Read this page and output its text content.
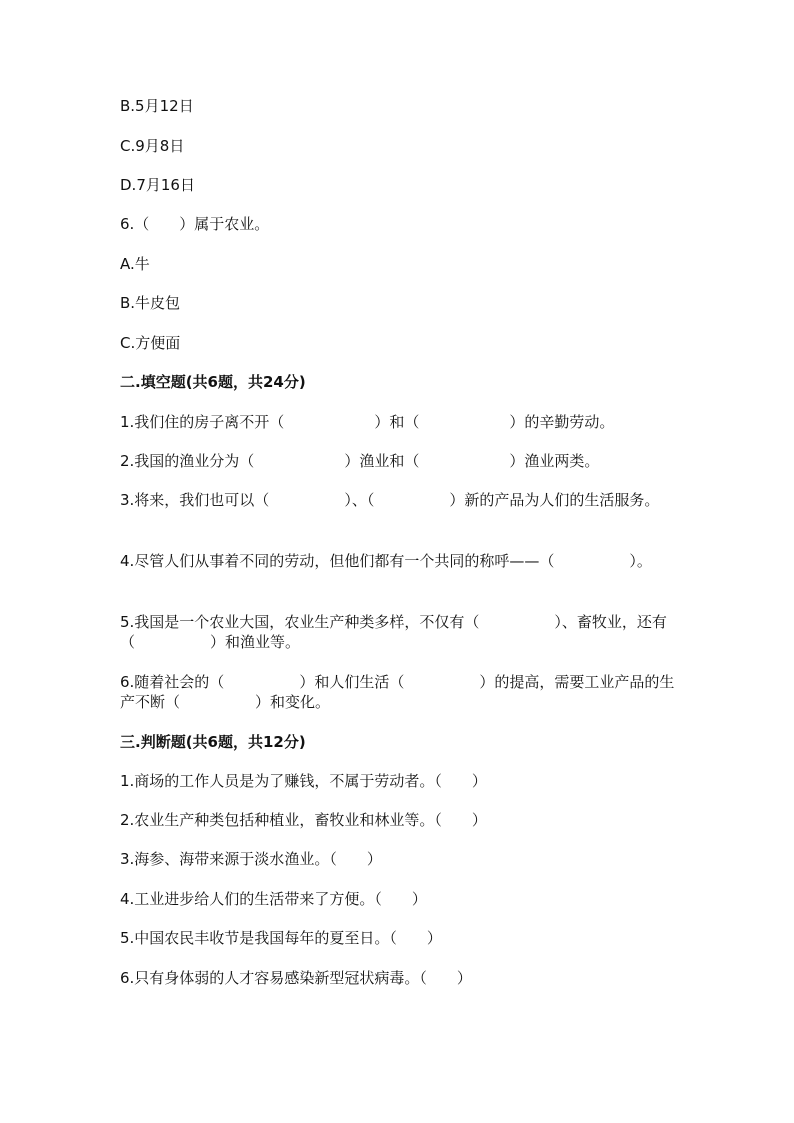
B.5月12日
C.9月8日
D.7月16日
6.（　　）属于农业。
A.牛
B.牛皮包
C.方便面
二.填空题(共6题，共24分)
1.我们住的房子离不开（　　　　　　）和（　　　　　　）的辛勤劳动。
2.我国的渔业分为（　　　　　　）渔业和（　　　　　　）渔业两类。
3.将来，我们也可以（　　　　　）、（　　　　　）新的产品为人们的生活服务。
4.尽管人们从事着不同的劳动，但他们都有一个共同的称呼——（　　　　　）。
5.我国是一个农业大国，农业生产种类多样，不仅有（　　　　　）、畜牧业，还有（　　　　　）和渔业等。
6.随着社会的（　　　　　）和人们生活（　　　　　）的提高，需要工业产品的生产不断（　　　　　）和变化。
三.判断题(共6题，共12分)
1.商场的工作人员是为了赚钱，不属于劳动者。（　　）
2.农业生产种类包括种植业，畜牧业和林业等。（　　）
3.海参、海带来源于淡水渔业。（　　）
4.工业进步给人们的生活带来了方便。（　　）
5.中国农民丰收节是我国每年的夏至日。（　　）
6.只有身体弱的人才容易感染新型冠状病毒。（　　）
